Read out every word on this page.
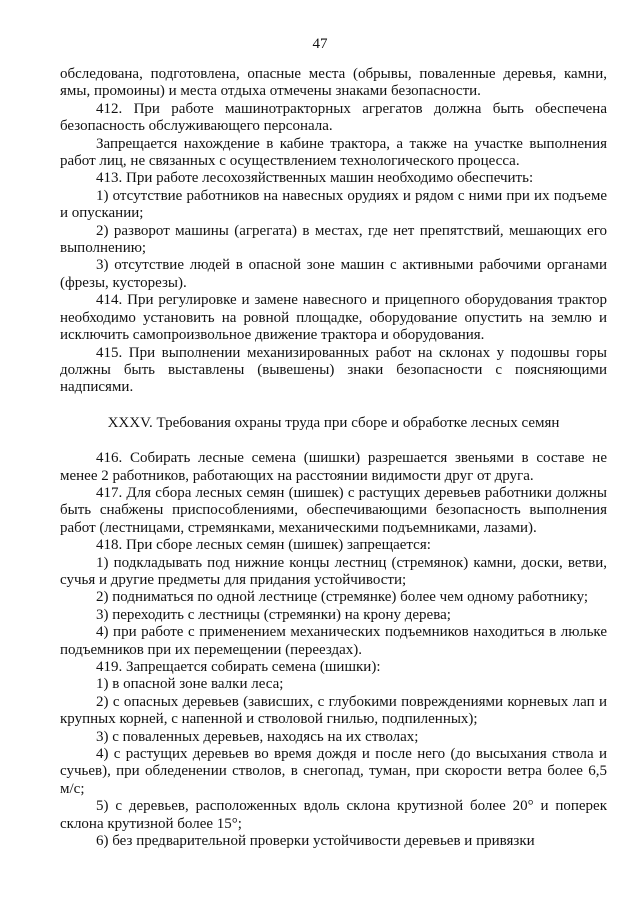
47

обследована, подготовлена, опасные места (обрывы, поваленные деревья, камни, ямы, промоины) и места отдыха отмечены знаками безопасности.

412. При работе машинотракторных агрегатов должна быть обеспечена безопасность обслуживающего персонала.

Запрещается нахождение в кабине трактора, а также на участке выполнения работ лиц, не связанных с осуществлением технологического процесса.

413. При работе лесохозяйственных машин необходимо обеспечить:

1) отсутствие работников на навесных орудиях и рядом с ними при их подъеме и опускании;

2) разворот машины (агрегата) в местах, где нет препятствий, мешающих его выполнению;

3) отсутствие людей в опасной зоне машин с активными рабочими органами (фрезы, кусторезы).

414. При регулировке и замене навесного и прицепного оборудования трактор необходимо установить на ровной площадке, оборудование опустить на землю и исключить самопроизвольное движение трактора и оборудования.

415. При выполнении механизированных работ на склонах у подошвы горы должны быть выставлены (вывешены) знаки безопасности с поясняющими надписями.

XXXV. Требования охраны труда при сборе и обработке лесных семян

416. Собирать лесные семена (шишки) разрешается звеньями в составе не менее 2 работников, работающих на расстоянии видимости друг от друга.

417. Для сбора лесных семян (шишек) с растущих деревьев работники должны быть снабжены приспособлениями, обеспечивающими безопасность выполнения работ (лестницами, стремянками, механическими подъемниками, лазами).

418. При сборе лесных семян (шишек) запрещается:

1) подкладывать под нижние концы лестниц (стремянок) камни, доски, ветви, сучья и другие предметы для придания устойчивости;

2) подниматься по одной лестнице (стремянке) более чем одному работнику;

3) переходить с лестницы (стремянки) на крону дерева;

4) при работе с применением механических подъемников находиться в люльке подъемников при их перемещении (переездах).

419. Запрещается собирать семена (шишки):

1) в опасной зоне валки леса;

2) с опасных деревьев (зависших, с глубокими повреждениями корневых лап и крупных корней, с напенной и стволовой гнилью, подпиленных);

3) с поваленных деревьев, находясь на их стволах;

4) с растущих деревьев во время дождя и после него (до высыхания ствола и сучьев), при обледенении стволов, в снегопад, туман, при скорости ветра более 6,5 м/с;

5) с деревьев, расположенных вдоль склона крутизной более 20° и поперек склона крутизной более 15°;

6) без предварительной проверки устойчивости деревьев и привязки
